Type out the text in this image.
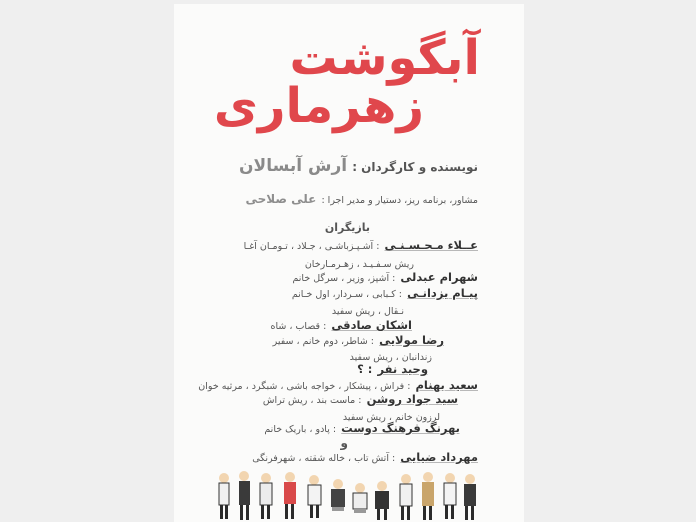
آبگوشت
زهرماری
نویسنده و کارگردان : آرش آبسالان
مشاور، برنامه ریز، دستیار و مدیر اجرا : علی صلاحی
بازیگران
عــلاء مـحـسـنـی : آشـپـزباشـی ، جـلاد ، تـومـان آغـا
ریش سـفـیـد ، زهـرمـارخان
شهرام عبدلی : آشپز، وزیر ، سرگل خانم
پیـام یزدانـی : کـبابی ، سـردار، اول خـانم
نـقال ، ریش سفید
اشکان صادقی : قصاب ، شاه
رضا مولایی : شاطر، دوم خانم ، سفیر
زندانبان ، ریش سفید
وحید نفر : ؟
سعید بهنام : فراش ، پیشکار ، خواجه باشی ، شبگرد ، مرثیه خوان
سید جواد روشن : ماست بند ، ریش تراش
لرزون خانم ، ریش سفید
بهرنگ فرهنگ دوست : پادو ، باریک خانم
و
مهرداد ضیایی : آتش تاب ، خاله شقته ، شهرفرنگی
